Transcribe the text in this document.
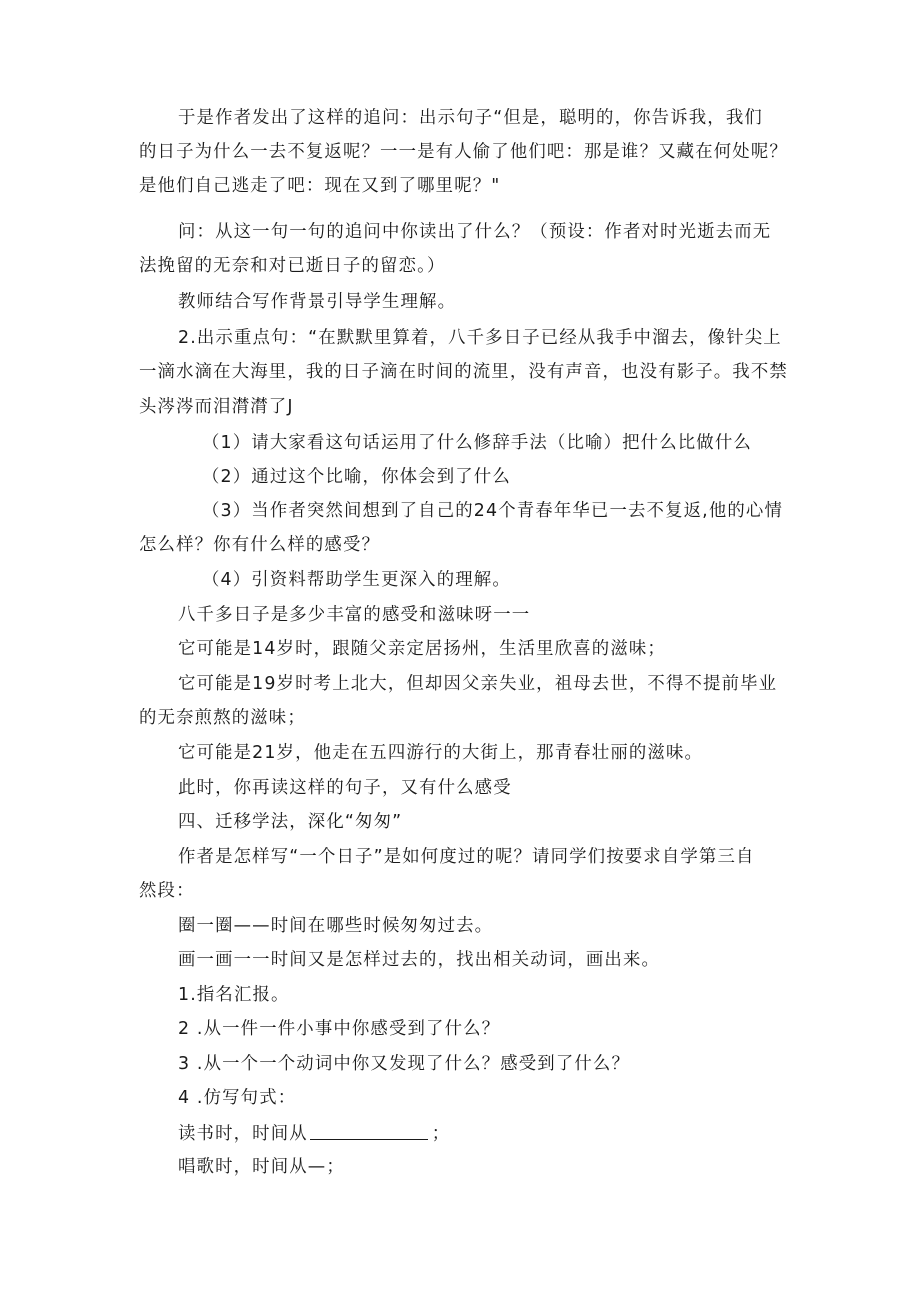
于是作者发出了这样的追问：出示句子“但是，聪明的，你告诉我，我们
的日子为什么一去不复返呢？一一是有人偷了他们吧：那是谁？又藏在何处呢？
是他们自己逃走了吧：现在又到了哪里呢？"
问：从这一句一句的追问中你读出了什么？（预设：作者对时光逝去而无
法挽留的无奈和对已逝日子的留恋。）
教师结合写作背景引导学生理解。
2.出示重点句：“在默默里算着，八千多日子已经从我手中溜去，像针尖上
一滴水滴在大海里，我的日子滴在时间的流里，没有声音，也没有影子。我不禁
头涔涔而泪潸潸了J
（1）请大家看这句话运用了什么修辞手法（比喻）把什么比做什么
（2）通过这个比喻，你体会到了什么
（3）当作者突然间想到了自己的24个青春年华已一去不复返,他的心情
怎么样？你有什么样的感受？
（4）引资料帮助学生更深入的理解。
八千多日子是多少丰富的感受和滋味呀一一
它可能是14岁时，跟随父亲定居扬州，生活里欣喜的滋味；
它可能是19岁时考上北大，但却因父亲失业，祖母去世，不得不提前毕业
的无奈煎熬的滋味；
它可能是21岁，他走在五四游行的大街上，那青春壮丽的滋味。
此时，你再读这样的句子，又有什么感受
四、迁移学法，深化“匆匆”
作者是怎样写“一个日子”是如何度过的呢？请同学们按要求自学第三自
然段：
圈一圈——时间在哪些时候匆匆过去。
画一画一一时间又是怎样过去的，找出相关动词，画出来。
1.指名汇报。
2 .从一件一件小事中你感受到了什么？
3 .从一个一个动词中你又发现了什么？感受到了什么？
4 .仿写句式：
读书时，时间从	；
唱歌时，时间从—；
